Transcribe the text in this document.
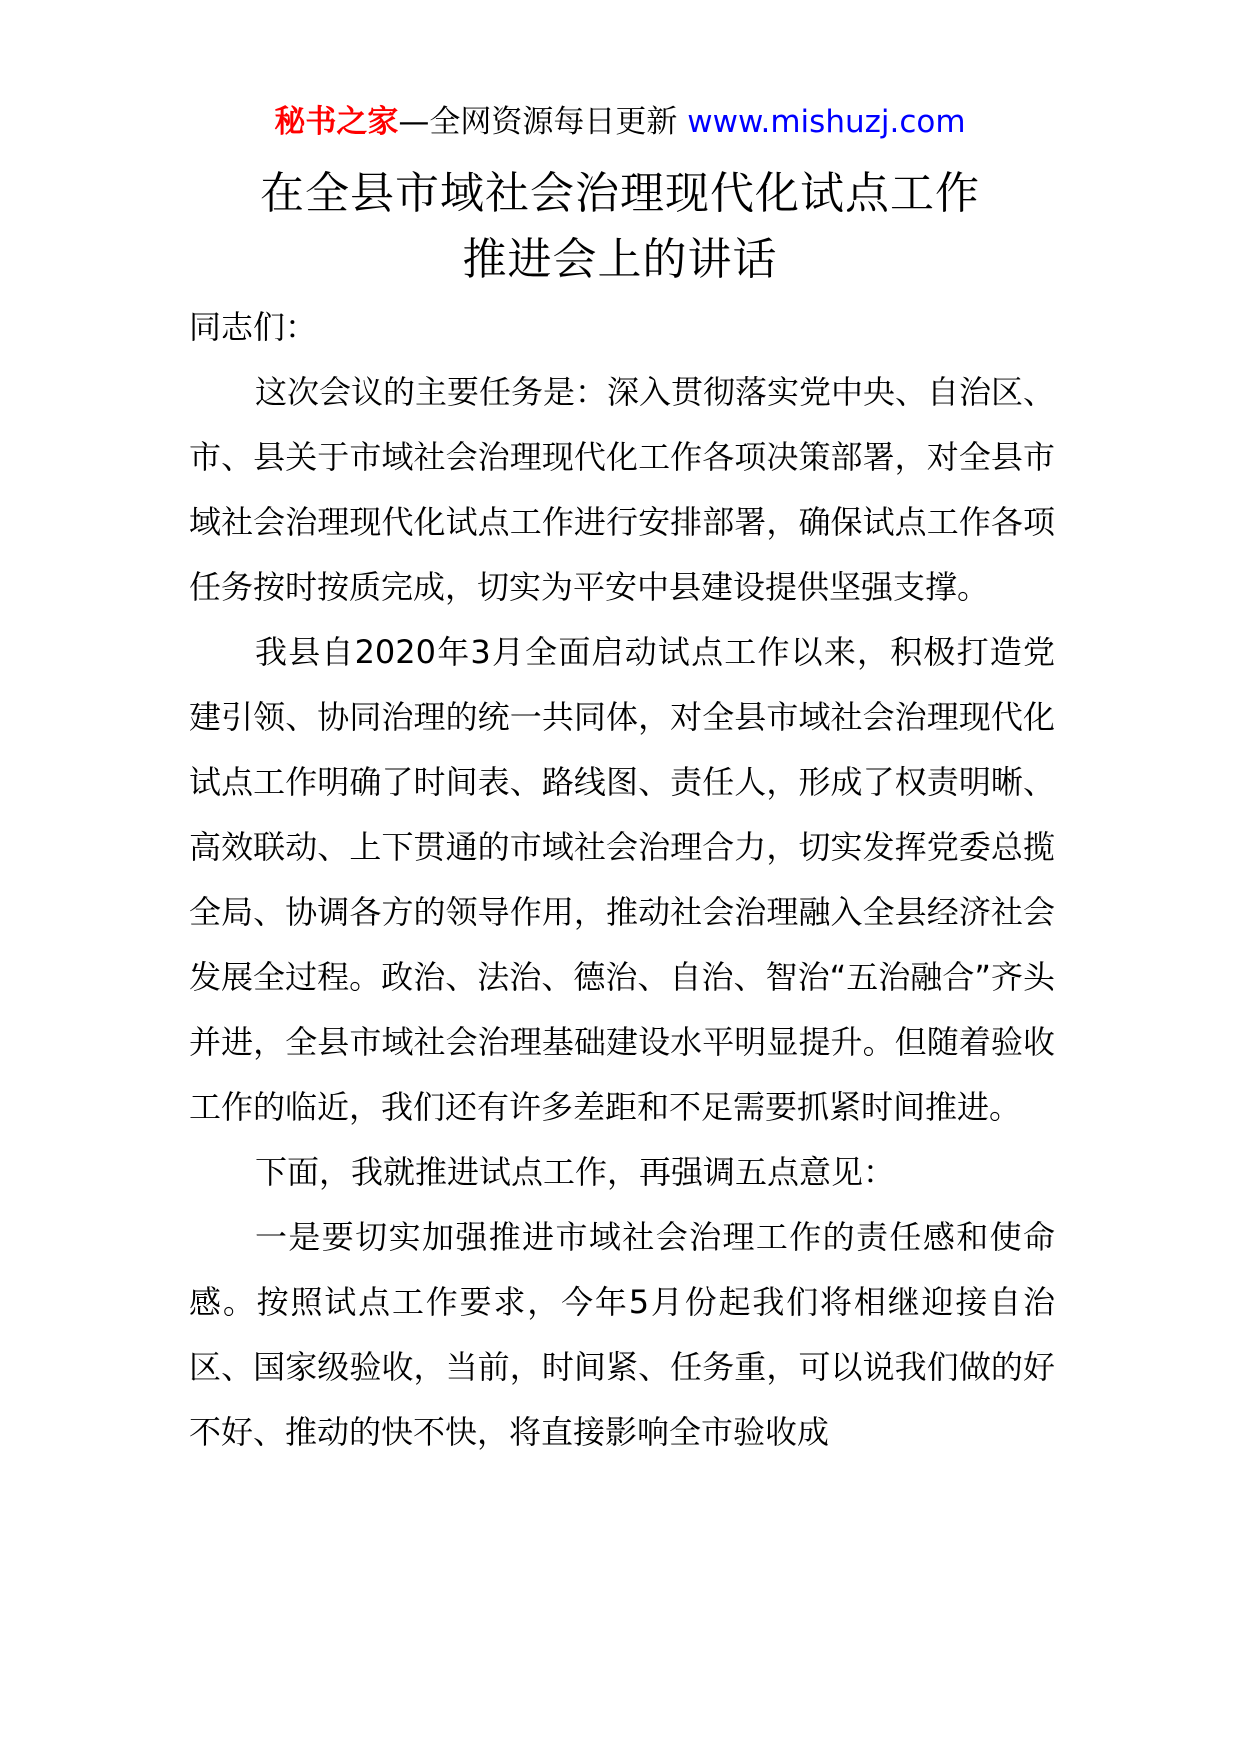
秘书之家—全网资源每日更新 www.mishuzj.com
在全县市域社会治理现代化试点工作
推进会上的讲话

同志们：

这次会议的主要任务是：深入贯彻落实党中央、自治区、市、县关于市域社会治理现代化工作各项决策部署，对全县市域社会治理现代化试点工作进行安排部署，确保试点工作各项任务按时按质完成，切实为平安中县建设提供坚强支撑。

我县自2020年3月全面启动试点工作以来，积极打造党建引领、协同治理的统一共同体，对全县市域社会治理现代化试点工作明确了时间表、路线图、责任人，形成了权责明晰、高效联动、上下贯通的市域社会治理合力，切实发挥党委总揽全局、协调各方的领导作用，推动社会治理融入全县经济社会发展全过程。政治、法治、德治、自治、智治“五治融合”齐头并进，全县市域社会治理基础建设水平明显提升。但随着验收工作的临近，我们还有许多差距和不足需要抓紧时间推进。

下面，我就推进试点工作，再强调五点意见：

一是要切实加强推进市域社会治理工作的责任感和使命感。按照试点工作要求，今年5月份起我们将相继迎接自治区、国家级验收，当前，时间紧、任务重，可以说我们做的好不好、推动的快不快，将直接影响全市验收成
